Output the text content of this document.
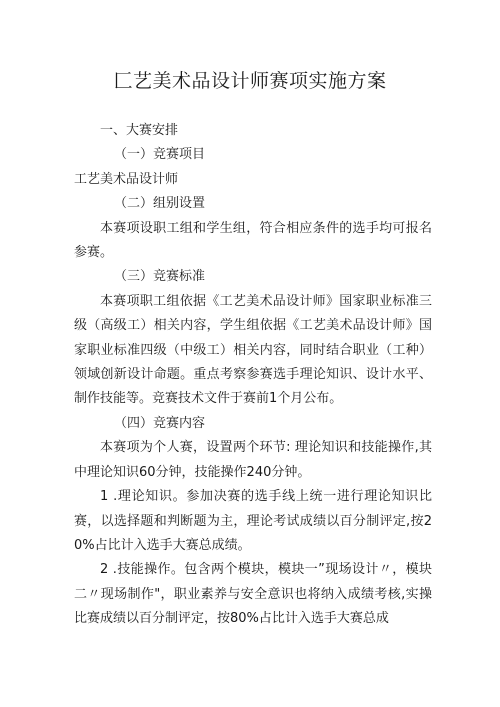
匚艺美术品设计师赛项实施方案

一、大赛安排

（一）竞赛项目

工艺美术品设计师

（二）组别设置

本赛项设职工组和学生组，符合相应条件的选手均可报名参赛。

（三）竞赛标准

本赛项职工组依据《工艺美术品设计师》国家职业标准三级（高级工）相关内容，学生组依据《工艺美术品设计师》国家职业标准四级（中级工）相关内容，同时结合职业（工种）领域创新设计命题。重点考察参赛选手理论知识、设计水平、制作技能等。竞赛技术文件于赛前1个月公布。

（四）竞赛内容

本赛项为个人赛，设置两个环节: 理论知识和技能操作,其中理论知识60分钟，技能操作240分钟。

1 .理论知识。参加决赛的选手线上统一进行理论知识比赛，以选择题和判断题为主，理论考试成绩以百分制评定,按20%占比计入选手大赛总成绩。

2 .技能操作。包含两个模块，模块一”现场设计〃，模块二〃现场制作"，职业素养与安全意识也将纳入成绩考核,实操比赛成绩以百分制评定，按80%占比计入选手大赛总成
